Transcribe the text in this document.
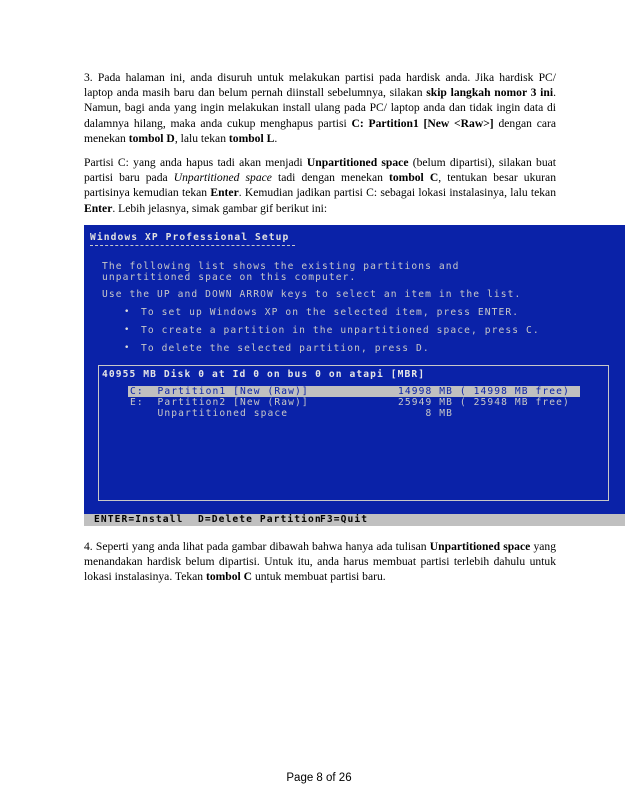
3. Pada halaman ini, anda disuruh untuk melakukan partisi pada hardisk anda. Jika hardisk PC/ laptop anda masih baru dan belum pernah diinstall sebelumnya, silakan skip langkah nomor 3 ini. Namun, bagi anda yang ingin melakukan install ulang pada PC/ laptop anda dan tidak ingin data di dalamnya hilang, maka anda cukup menghapus partisi C: Partition1 [New <Raw>] dengan cara menekan tombol D, lalu tekan tombol L.

Partisi C: yang anda hapus tadi akan menjadi Unpartitioned space (belum dipartisi), silakan buat partisi baru pada Unpartitioned space tadi dengan menekan tombol C, tentukan besar ukuran partisinya kemudian tekan Enter. Kemudian jadikan partisi C: sebagai lokasi instalasinya, lalu tekan Enter. Lebih jelasnya, simak gambar gif berikut ini:

Windows XP Professional Setup
The following list shows the existing partitions and
unpartitioned space on this computer.
Use the UP and DOWN ARROW keys to select an item in the list.
• To set up Windows XP on the selected item, press ENTER.
• To create a partition in the unpartitioned space, press C.
• To delete the selected partition, press D.
40955 MB Disk 0 at Id 0 on bus 0 on atapi [MBR]
C:  Partition1 [New (Raw)]	14998 MB ( 14998 MB free)
E:  Partition2 [New (Raw)]	25949 MB ( 25948 MB free)
Unpartitioned space	8 MB
ENTER=Install D=Delete Partition
F3=Quit

4. Seperti yang anda lihat pada gambar dibawah bahwa hanya ada tulisan Unpartitioned space yang menandakan hardisk belum dipartisi. Untuk itu, anda harus membuat partisi terlebih dahulu untuk lokasi instalasinya. Tekan tombol C untuk membuat partisi baru.

Page 8 of 26
